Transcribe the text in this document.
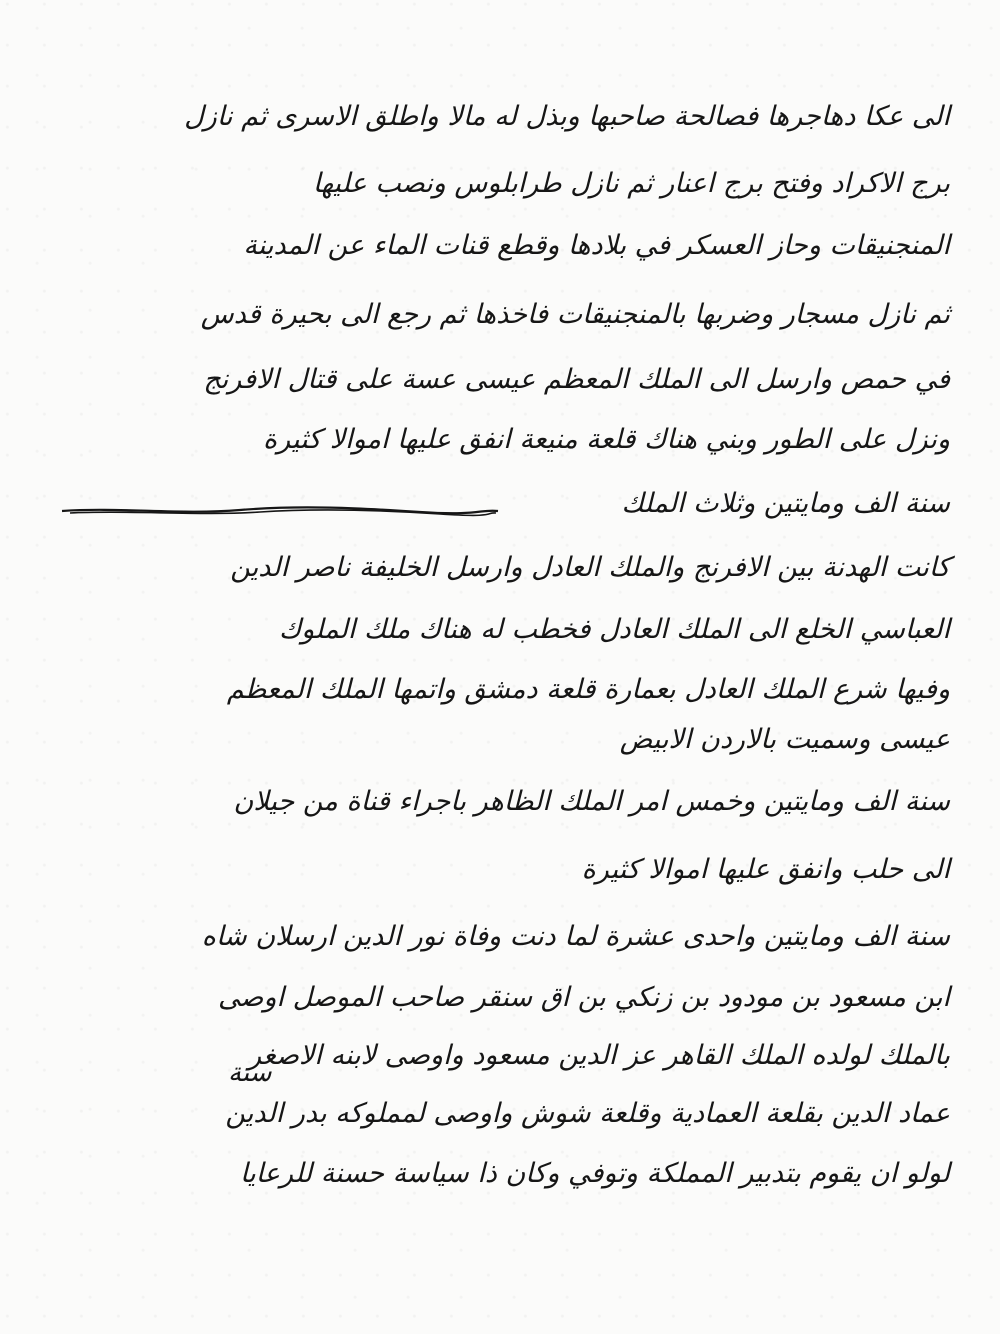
الى عكا دهاجرها فصالحة صاحبها وبذل له مالا واطلق الاسرى ثم نازل
برج الاكراد وفتح برج اعنار ثم نازل طرابلوس ونصب عليها
المنجنيقات وحاز العسكر في بلادها وقطع قنات الماء عن المدينة
ثم نازل مسجار وضربها بالمنجنيقات فاخذها ثم رجع الى بحيرة قدس
في حمص وارسل الى الملك المعظم عيسى عسة على قتال الافرنج
ونزل على الطور وبني هناك قلعة منيعة انفق عليها اموالا كثيرة
سنة الف ومايتين وثلاث الملك
كانت الهدنة بين الافرنج والملك العادل وارسل الخليفة ناصر الدين
العباسي الخلع الى الملك العادل فخطب له هناك ملك الملوك
وفيها شرع الملك العادل بعمارة قلعة دمشق واتمها الملك المعظم
عيسى وسميت بالاردن الابيض
سنة الف ومايتين وخمس امر الملك الظاهر باجراء قناة من جيلان
الى حلب وانفق عليها اموالا كثيرة
سنة الف ومايتين واحدى عشرة لما دنت وفاة نور الدين ارسلان شاه
ابن مسعود بن مودود بن زنكي بن اق سنقر صاحب الموصل اوصى
بالملك لولده الملك القاهر عز الدين مسعود واوصى لابنه الاصغر
عماد الدين بقلعة العمادية وقلعة شوش واوصى لمملوكه بدر الدين
لولو ان يقوم بتدبير المملكة وتوفي وكان ذا سياسة حسنة للرعايا
سنة
